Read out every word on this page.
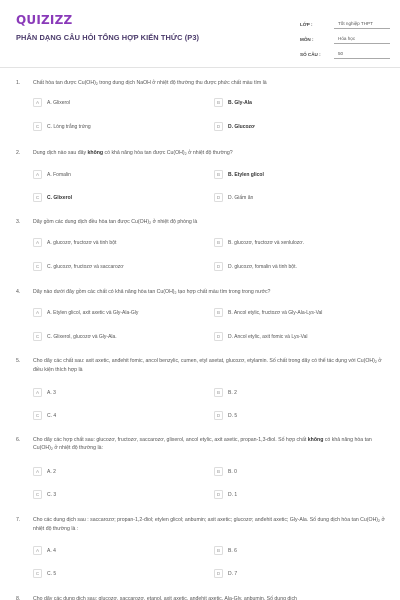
QUIZIZZ
PHÂN DẠNG CÂU HỎI TỔNG HỢP KIẾN THỨC (P3)
LỚP :	Tốt nghiệp THPT
MÔN :	Hóa học
SỐ CÂU :	50
1. Chất hòa tan được $Cu(OH)_2$ trong dung dịch NaOH ở nhiệt độ thường thu được phức chất màu tím là
A	A. Glixerol	B	B. Gly-Ala
C	C. Lòng trắng trứng	D	D. Glucozơ
2. Dung dịch nào sau đây không có khả năng hòa tan được $Cu(OH)_2$ ở nhiệt độ thường?
A	A. Fomalin	B	B. Etylen glicol
C	C. Glixerol	D	D. Giấm ăn
3. Dãy gồm các dung dịch đều hòa tan được $Cu(OH)_2$ ở nhiệt độ phòng là
A	A. glucozơ, fructozơ và tinh bột	B	B. glucozơ, fructozơ và xenlulozơ.
C	C. glucozơ, fructozơ và saccarozơ	D	D. glucozơ, fomalin và tinh bột.
4. Dãy nào dưới đây gồm các chất có khả năng hòa $\tan Cu(OH)_2$ tạo hợp chất màu tím trong trong nước?
A	A. Etylen glicol, axit axetic và Gly-Ala-Gly	B	B. Ancol etylic, fructozơ và Gly-Ala-Lys-Val
C	C. Glixerol, glucozơ và Gly-Ala.	D	D. Ancol etylic, axit fomic và Lys-Val
5. Cho dãy các chất sau: axit axetic, anđehit fomic, ancol benzylic, cumen, etyl axetat, glucozơ, etylamin. Số chất trong dãy có thể tác dụng với $Cu(OH)_2$ ở điều kiện thích hợp là
A	A. 3	B	B. 2
C	C. 4	D	D. 5
6. Cho dãy các hợp chất sau: glucozơ, fructozơ, saccarozơ, glixerol, ancol etylic, axit axetic, propan-1,3-điol. Số hợp chất không có khả năng hòa $\tan Cu(OH)_2$ ở nhiệt độ thường là:
A	A. 2	B	B. 0
C	C. 3	D	D. 1
7. Cho các dung dịch sau : saccarozơ; propan-1,2-điol; etylen glicol; anbumin; axit axetic; glucozơ; anđehit axetic; Gly-Ala. Số dung dịch hòa $\tan Cu(OH)_2$ ở nhiệt độ thường là :
A	A. 4	B	B. 6
C	C. 5	D	D. 7
8. Cho dãy các dung dịch sau: glucozơ, saccarozơ, etanol, axit axetic, anđehit axetic, Ala-Gly, anbumin. Số dung dịch
